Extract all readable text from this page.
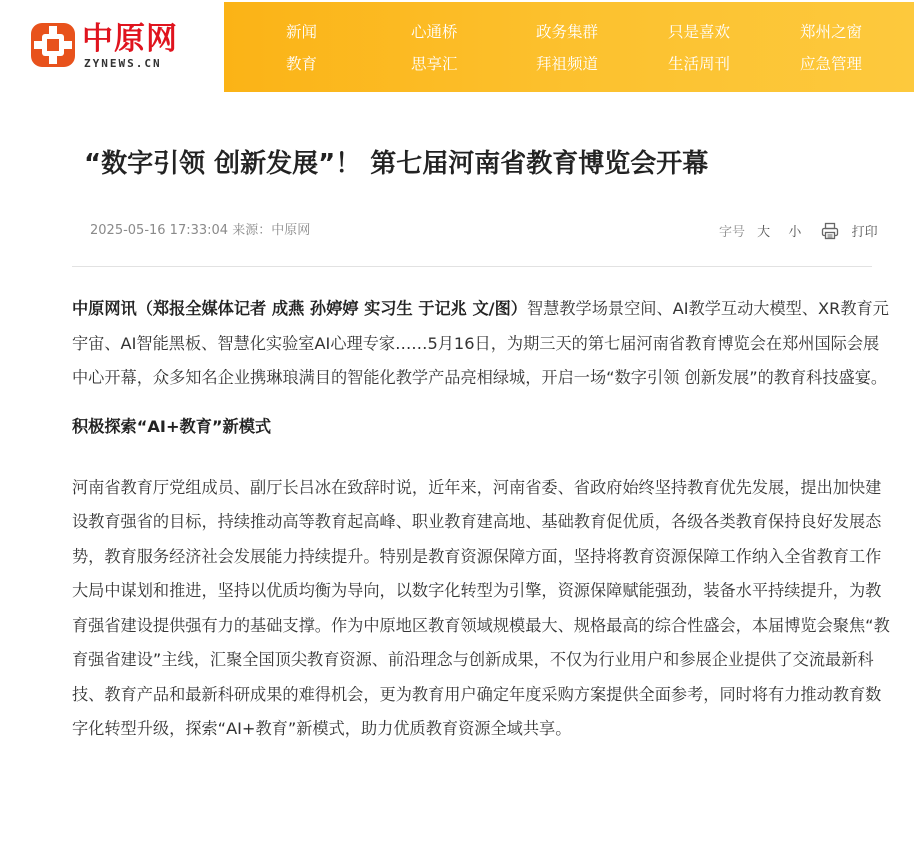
中原网
ZYNEWS.CN
新闻	心通桥	政务集群	只是喜欢	郑州之窗
教育	思享汇	拜祖频道	生活周刊	应急管理
“数字引领 创新发展”！ 第七届河南省教育博览会开幕
2025-05-16 17:33:04 来源：中原网	字号 大 小	打印

中原网讯（郑报全媒体记者 成燕 孙婷婷 实习生 于记兆 文/图）智慧教学场景空间、AI教学互动大模型、XR教育元宇宙、AI智能黑板、智慧化实验室AI心理专家……5月16日，为期三天的第七届河南省教育博览会在郑州国际会展中心开幕，众多知名企业携琳琅满目的智能化教学产品亮相绿城，开启一场“数字引领 创新发展”的教育科技盛宴。

积极探索“AI+教育”新模式

河南省教育厅党组成员、副厅长吕冰在致辞时说，近年来，河南省委、省政府始终坚持教育优先发展，提出加快建设教育强省的目标，持续推动高等教育起高峰、职业教育建高地、基础教育促优质，各级各类教育保持良好发展态势，教育服务经济社会发展能力持续提升。特别是教育资源保障方面，坚持将教育资源保障工作纳入全省教育工作大局中谋划和推进，坚持以优质均衡为导向，以数字化转型为引擎，资源保障赋能强劲，装备水平持续提升，为教育强省建设提供强有力的基础支撑。作为中原地区教育领域规模最大、规格最高的综合性盛会，本届博览会聚焦“教育强省建设”主线，汇聚全国顶尖教育资源、前沿理念与创新成果，不仅为行业用户和参展企业提供了交流最新科技、教育产品和最新科研成果的难得机会，更为教育用户确定年度采购方案提供全面参考，同时将有力推动教育数字化转型升级，探索“AI+教育”新模式，助力优质教育资源全域共享。
